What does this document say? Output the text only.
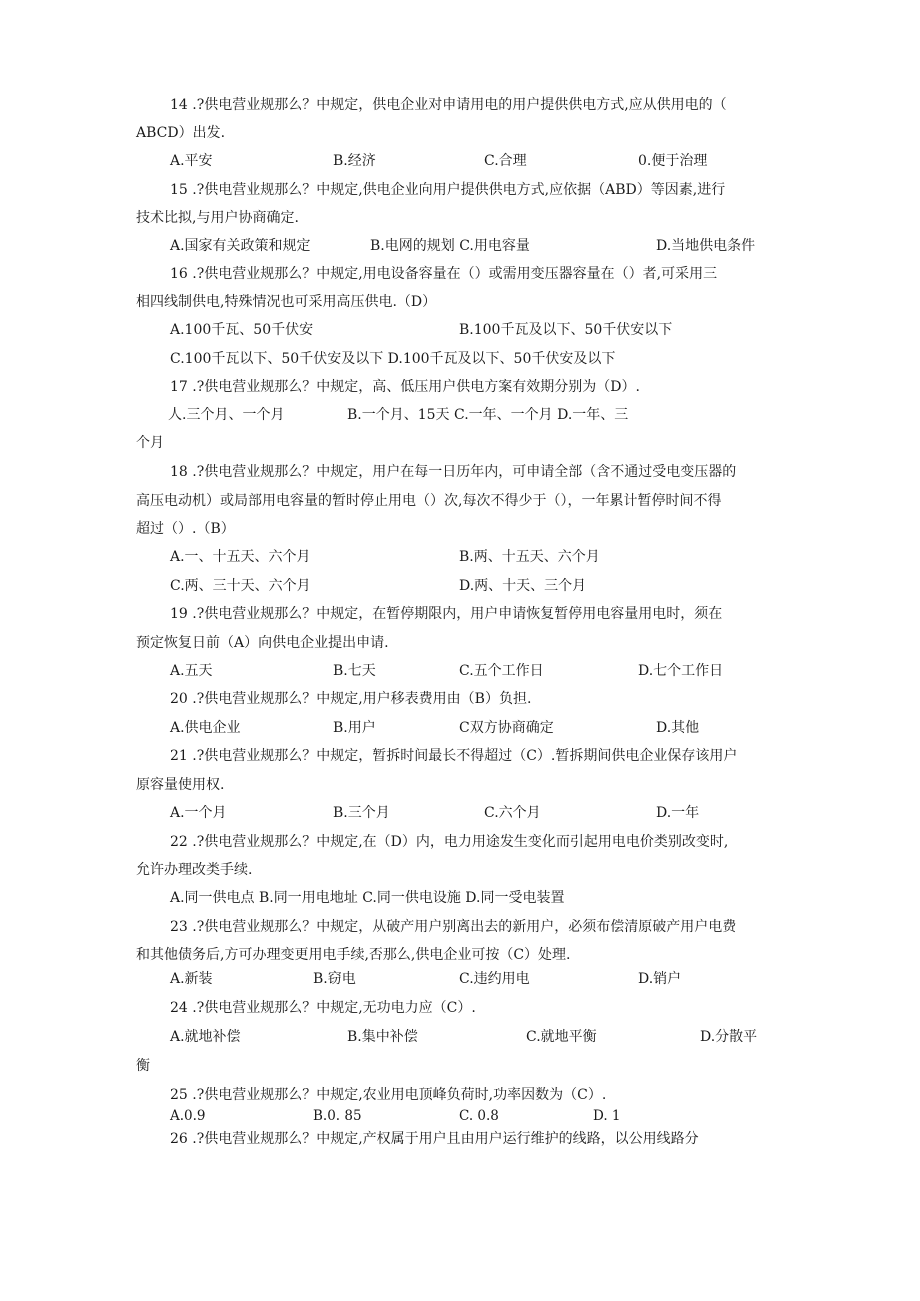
14 .?供电营业规那么？中规定，供电企业对申请用电的用户提供供电方式,应从供用电的（
ABCD）出发.
A.平安	B.经济	C.合理	0.便于治理
15 .?供电营业规那么？中规定,供电企业向用户提供供电方式,应依据（ABD）等因素,进行
技术比拟,与用户协商确定.
A.国家有关政策和规定	B.电网的规划 C.用电容量	D.当地供电条件
16 .?供电营业规那么？中规定,用电设备容量在（）或需用变压器容量在（）者,可采用三
相四线制供电,特殊情况也可采用高压供电.（D）
A.100千瓦、50千伏安	B.100千瓦及以下、50千伏安以下
C.100千瓦以下、50千伏安及以下 D.100千瓦及以下、50千伏安及以下
17 .?供电营业规那么？中规定，高、低压用户供电方案有效期分别为（D）.
人.三个月、一个月	B.一个月、15天 C.一年、一个月 D.一年、三
个月
18 .?供电营业规那么？中规定，用户在每一日历年内，可申请全部（含不通过受电变压器的
高压电动机）或局部用电容量的暂时停止用电（）次,每次不得少于（），一年累计暂停时间不得
超过（）.（B）
A.一、十五天、六个月	B.两、十五天、六个月
C.两、三十天、六个月	D.两、十天、三个月
19 .?供电营业规那么？中规定，在暂停期限内，用户申请恢复暂停用电容量用电时，须在
预定恢复日前（A）向供电企业提出申请.
A.五天	B.七天	C.五个工作日	D.七个工作日
20 .?供电营业规那么？中规定,用户移表费用由（B）负担.
A.供电企业	B.用户	C双方协商确定	D.其他
21 .?供电营业规那么？中规定，暂拆时间最长不得超过（C）.暂拆期间供电企业保存该用户
原容量使用权.
A.一个月	B.三个月	C.六个月	D.一年
22 .?供电营业规那么？中规定,在（D）内，电力用途发生变化而引起用电电价类别改变时,
允许办理改类手续.
A.同一供电点 B.同一用电地址 C.同一供电设施 D.同一受电装置
23 .?供电营业规那么？中规定，从破产用户别离出去的新用户，必须布偿清原破产用户电费
和其他债务后,方可办理变更用电手续,否那么,供电企业可按（C）处理.
A.新装	B.窃电	C.违约用电	D.销户
24 .?供电营业规那么？中规定,无功电力应（C）.
A.就地补偿	B.集中补偿	C.就地平衡	D.分散平
衡
25 .?供电营业规那么？中规定,农业用电顶峰负荷时,功率因数为（C）.
A.0.9	B.0. 85	C. 0.8	D. 1
26 .?供电营业规那么？中规定,产权属于用户且由用户运行维护的线路，以公用线路分
